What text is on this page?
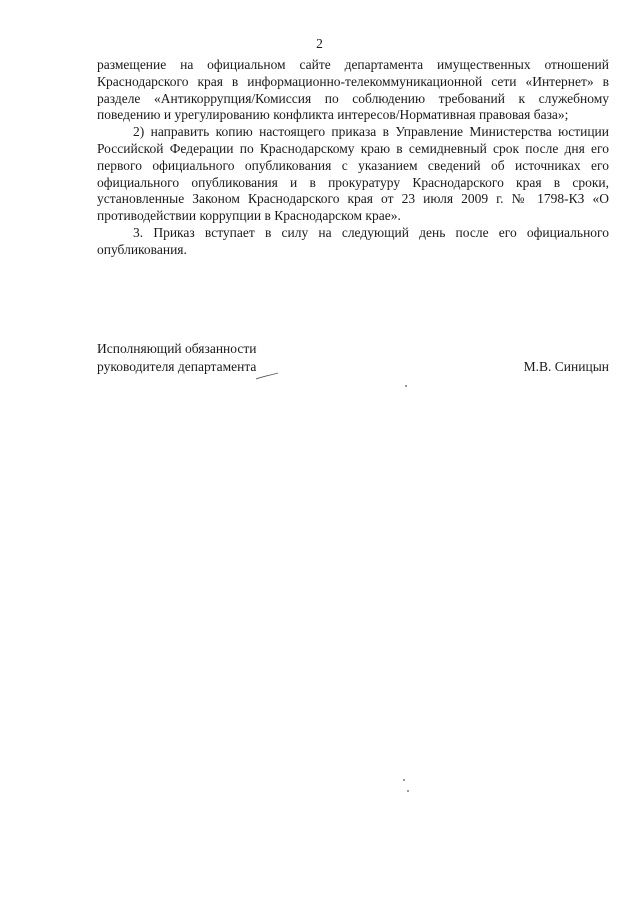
2

размещение на официальном сайте департамента имущественных отношений Краснодарского края в информационно-телекоммуникационной сети «Интернет» в разделе «Антикоррупция/Комиссия по соблюдению требований к служебному поведению и урегулированию конфликта интересов/Нормативная правовая база»;

2) направить копию настоящего приказа в Управление Министерства юстиции Российской Федерации по Краснодарскому краю в семидневный срок после дня его первого официального опубликования с указанием сведений об источниках его официального опубликования и в прокуратуру Краснодарского края в сроки, установленные Законом Краснодарского края от 23 июля 2009 г. № 1798-КЗ «О противодействии коррупции в Краснодарском крае».

3. Приказ вступает в силу на следующий день после его официального опубликования.

Исполняющий обязанности
руководителя департамента	М.В. Синицын
